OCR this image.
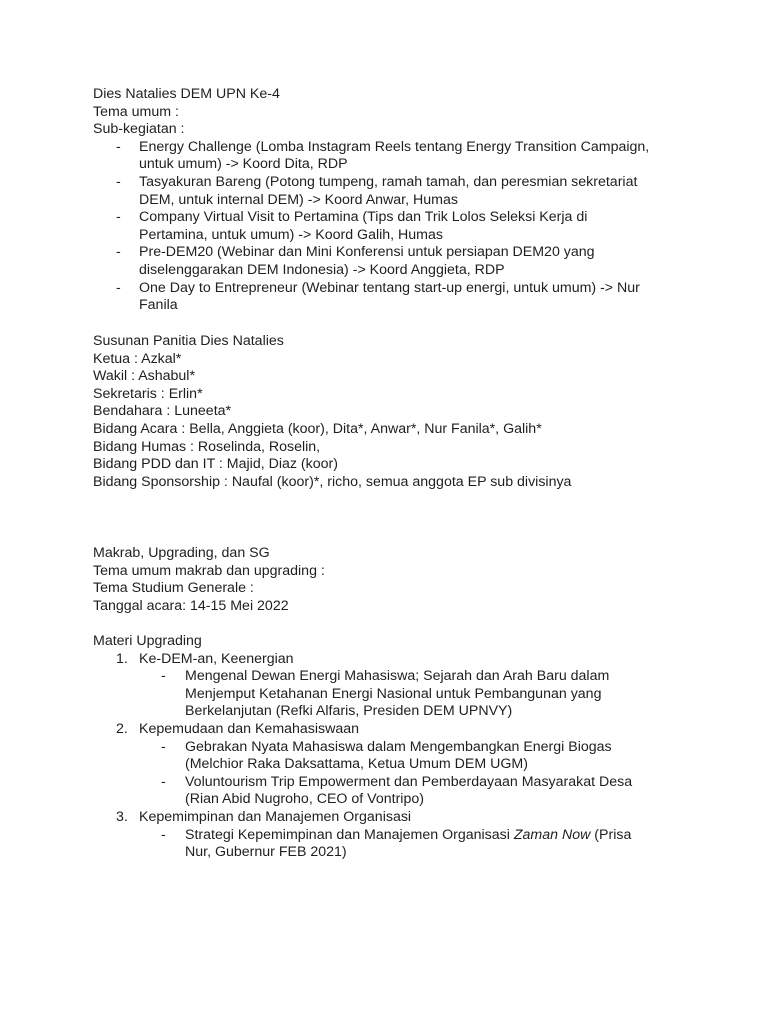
Dies Natalies DEM UPN Ke-4
Tema umum :
Sub-kegiatan :
-	Energy Challenge (Lomba Instagram Reels tentang Energy Transition Campaign, untuk umum) -> Koord Dita, RDP
-	Tasyakuran Bareng (Potong tumpeng, ramah tamah, dan peresmian sekretariat DEM, untuk internal DEM) -> Koord Anwar, Humas
-	Company Virtual Visit to Pertamina (Tips dan Trik Lolos Seleksi Kerja di Pertamina, untuk umum) -> Koord Galih, Humas
-	Pre-DEM20 (Webinar dan Mini Konferensi untuk persiapan DEM20 yang diselenggarakan DEM Indonesia) -> Koord Anggieta, RDP
-	One Day to Entrepreneur (Webinar tentang start-up energi, untuk umum) -> Nur Fanila
Susunan Panitia Dies Natalies
Ketua : Azkal*
Wakil : Ashabul*
Sekretaris : Erlin*
Bendahara : Luneeta*
Bidang Acara : Bella, Anggieta (koor), Dita*, Anwar*, Nur Fanila*, Galih*
Bidang Humas : Roselinda, Roselin,
Bidang PDD dan IT : Majid, Diaz (koor)
Bidang Sponsorship : Naufal (koor)*, richo, semua anggota EP sub divisinya
Makrab, Upgrading, dan SG
Tema umum makrab dan upgrading :
Tema Studium Generale :
Tanggal acara: 14-15 Mei 2022
Materi Upgrading
1. Ke-DEM-an, Keenergian
-	Mengenal Dewan Energi Mahasiswa; Sejarah dan Arah Baru dalam Menjemput Ketahanan Energi Nasional untuk Pembangunan yang Berkelanjutan (Refki Alfaris, Presiden DEM UPNVY)
2. Kepemudaan dan Kemahasiswaan
-	Gebrakan Nyata Mahasiswa dalam Mengembangkan Energi Biogas (Melchior Raka Daksattama, Ketua Umum DEM UGM)
-	Voluntourism Trip Empowerment dan Pemberdayaan Masyarakat Desa (Rian Abid Nugroho, CEO of Vontripo)
3. Kepemimpinan dan Manajemen Organisasi
-	Strategi Kepemimpinan dan Manajemen Organisasi Zaman Now (Prisa Nur, Gubernur FEB 2021)
